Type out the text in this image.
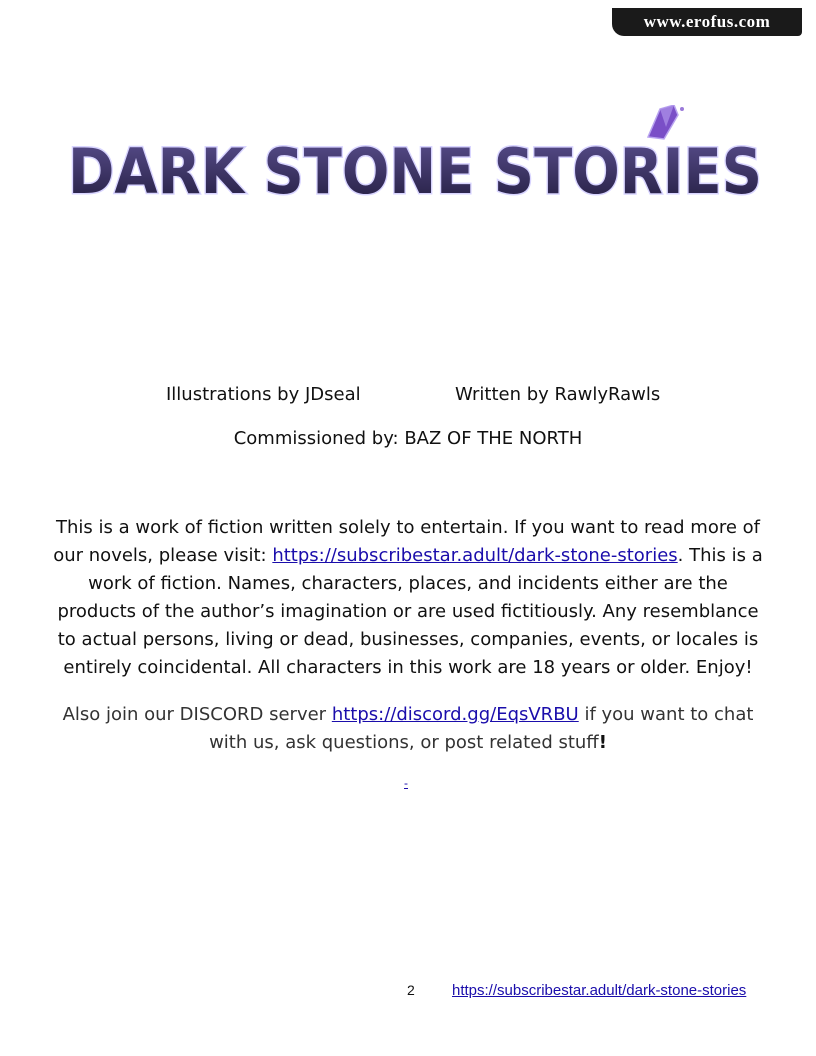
www.erofus.com
DARK STONE STORIES
Illustrations by JDseal	Written by RawlyRawls
Commissioned by: BAZ OF THE NORTH
This is a work of fiction written solely to entertain. If you want to read more of our novels, please visit: https://subscribestar.adult/dark-stone-stories. This is a work of fiction. Names, characters, places, and incidents either are the products of the author’s imagination or are used fictitiously. Any resemblance to actual persons, living or dead, businesses, companies, events, or locales is entirely coincidental. All characters in this work are 18 years or older. Enjoy!
Also join our DISCORD server https://discord.gg/EqsVRBU if you want to chat with us, ask questions, or post related stuff!
-
2 https://subscribestar.adult/dark-stone-stories
